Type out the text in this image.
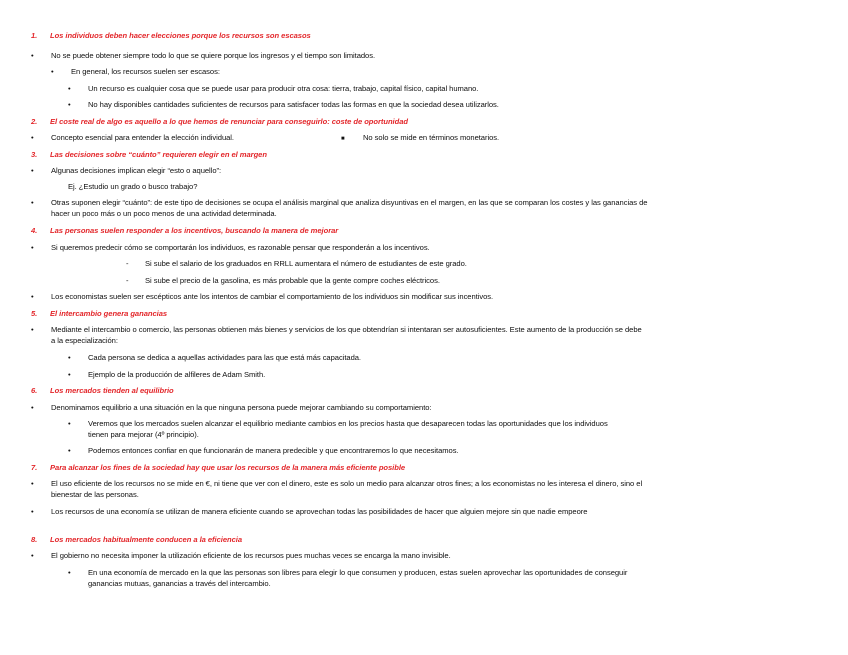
1. Los individuos deben hacer elecciones porque los recursos son escasos
• No se puede obtener siempre todo lo que se quiere porque los ingresos y el tiempo son limitados.
• En general, los recursos suelen ser escasos:
• Un recurso es cualquier cosa que se puede usar para producir otra cosa: tierra, trabajo, capital físico, capital humano.
• No hay disponibles cantidades suficientes de recursos para satisfacer todas las formas en que la sociedad desea utilizarlos.
2. El coste real de algo es aquello a lo que hemos de renunciar para conseguirlo: coste de oportunidad
• Concepto esencial para entender la elección individual.	■ No solo se mide en términos monetarios.
3. Las decisiones sobre “cuánto” requieren elegir en el margen
• Algunas decisiones implican elegir “esto o aquello”:
Ej. ¿Estudio un grado o busco trabajo?
•	Otras suponen elegir “cuánto”: de este tipo de decisiones se ocupa el análisis marginal que analiza disyuntivas en el margen, en las que se comparan los costes y las ganancias de hacer un poco más o un poco menos de una actividad determinada.
4. Las personas suelen responder a los incentivos, buscando la manera de mejorar
• Si queremos predecir cómo se comportarán los individuos, es razonable pensar que responderán a los incentivos.
- Si sube el salario de los graduados en RRLL aumentara el número de estudiantes de este grado.
- Si sube el precio de la gasolina, es más probable que la gente compre coches eléctricos.
• Los economistas suelen ser escépticos ante los intentos de cambiar el comportamiento de los individuos sin modificar sus incentivos.
5. El intercambio genera ganancias
•	Mediante el intercambio o comercio, las personas obtienen más bienes y servicios de los que obtendrían si intentaran ser autosuficientes. Este aumento de la producción se debe a la especialización:
• Cada persona se dedica a aquellas actividades para las que está más capacitada.
• Ejemplo de la producción de alfileres de Adam Smith.
6. Los mercados tienden al equilibrio
• Denominamos equilibrio a una situación en la que ninguna persona puede mejorar cambiando su comportamiento:
•	Veremos que los mercados suelen alcanzar el equilibrio mediante cambios en los precios hasta que desaparecen todas las oportunidades que los individuos tienen para mejorar (4º principio).
• Podemos entonces confiar en que funcionarán de manera predecible y que encontraremos lo que necesitamos.
7. Para alcanzar los fines de la sociedad hay que usar los recursos de la manera más eficiente posible
•	El uso eficiente de los recursos no se mide en €, ni tiene que ver con el dinero, este es solo un medio para alcanzar otros fines; a los economistas no les interesa el dinero, sino el bienestar de las personas.
•	Los recursos de una economía se utilizan de manera eficiente cuando se aprovechan todas las posibilidades de hacer que alguien mejore sin que nadie empeore
8. Los mercados habitualmente conducen a la eficiencia
• El gobierno no necesita imponer la utilización eficiente de los recursos pues muchas veces se encarga la mano invisible.
•	En una economía de mercado en la que las personas son libres para elegir lo que consumen y producen, estas suelen aprovechar las oportunidades de conseguir ganancias mutuas, ganancias a través del intercambio.
